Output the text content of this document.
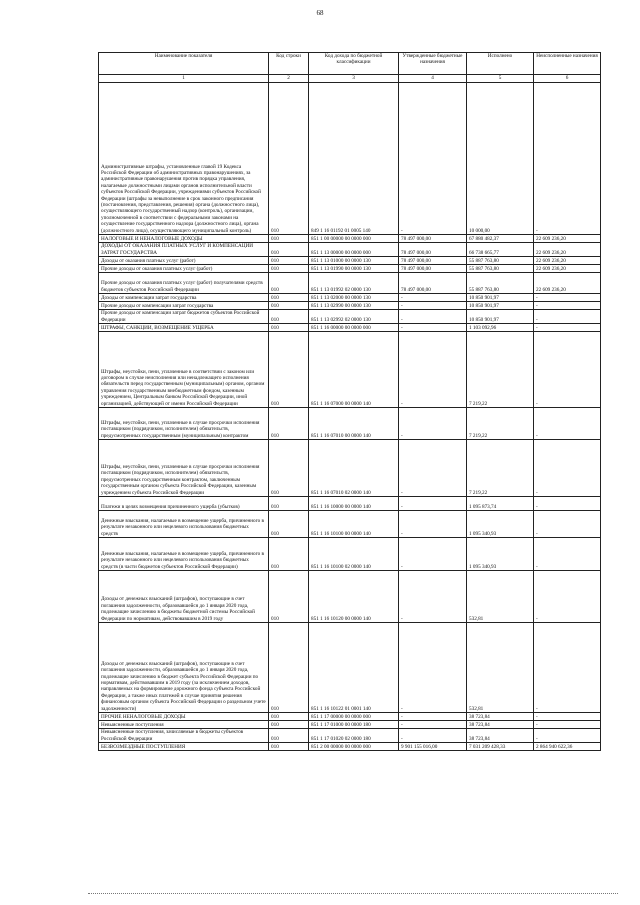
68
Наименование показателя	Код строки	Код дохода по бюджетной классификации	Утвержденные бюджетные назначения	Исполнено	Неисполненные назначения
1	2	3	4	5	6
Административные штрафы, установленные главой 19 Кодекса Российской Федерации об административных правонарушениях, за административные правонарушения против порядка управления, налагаемые должностными лицами органов исполнительной власти субъектов Российской Федерации, учреждениями субъектов Российской Федерации (штрафы за невыполнение в срок законного предписания (постановления, представления, решения) органа (должностного лица), осуществляющего государственный надзор (контроль), организации, уполномоченной в соответствии с федеральными законами на осуществление государственного надзора (должностного лица), органа (должностного лица), осуществляющего муниципальный контроль)	010	849 1 16 01192 01 0005 140	-	10 000,00	-
НАЛОГОВЫЕ И НЕНАЛОГОВЫЕ ДОХОДЫ	010	851 1 00 00000 00 0000 000	78 497 000,00	67 880 482,37	22 609 236,20
ДОХОДЫ ОТ ОКАЗАНИЯ ПЛАТНЫХ УСЛУГ И КОМПЕНСАЦИИ ЗАТРАТ ГОСУДАРСТВА	010	851 1 13 00000 00 0000 000	78 497 000,00	66 738 665,77	22 609 236,20
Доходы от оказания платных услуг (работ)	010	851 1 13 01000 00 0000 130	78 497 000,00	55 887 763,80	22 609 236,20
Прочие доходы от оказания платных услуг (работ)	010	851 1 13 01990 00 0000 130	78 497 000,00	55 887 763,80	22 609 236,20
Прочие доходы от оказания платных услуг (работ) получателями средств бюджетов субъектов Российской Федерации	010	851 1 13 01992 02 0000 130	78 497 000,00	55 887 763,80	22 609 236,20
Доходы от компенсации затрат государства	010	851 1 13 02000 00 0000 130	-	10 850 901,97	-
Прочие доходы от компенсации затрат государства	010	851 1 13 02990 00 0000 130	-	10 850 901,97	-
Прочие доходы от компенсации затрат бюджетов субъектов Российской Федерации	010	851 1 13 02992 02 0000 130	-	10 850 901,97	-
ШТРАФЫ, САНКЦИИ, ВОЗМЕЩЕНИЕ УЩЕРБА	010	851 1 16 00000 00 0000 000	-	1 103 092,96	-
Штрафы, неустойки, пени, уплаченные в соответствии с законом или договором в случае неисполнения или ненадлежащего исполнения обязательств перед государственным (муниципальным) органом, органом управления государственным внебюджетным фондом, казенным учреждением, Центральным банком Российской Федерации, иной организацией, действующей от имени Российской Федерации	010	851 1 16 07000 00 0000 140	-	7 219,22	-
Штрафы, неустойки, пени, уплаченные в случае просрочки исполнения поставщиком (подрядчиком, исполнителем) обязательств, предусмотренных государственным (муниципальным) контрактом	010	851 1 16 07010 00 0000 140	-	7 219,22	-
Штрафы, неустойки, пени, уплаченные в случае просрочки исполнения поставщиком (подрядчиком, исполнителем) обязательств, предусмотренных государственным контрактом, заключенным государственным органом субъекта Российской Федерации, казенным учреждением субъекта Российской Федерации	010	851 1 16 07010 02 0000 140	-	7 219,22	-
Платежи в целях возмещения причиненного ущерба (убытков)	010	851 1 16 10000 00 0000 140	-	1 095 873,74	-
Денежные взыскания, налагаемые в возмещение ущерба, причиненного в результате незаконного или нецелевого использования бюджетных средств	010	851 1 16 10100 00 0000 140	-	1 095 340,93	-
Денежные взыскания, налагаемые в возмещение ущерба, причиненного в результате незаконного или нецелевого использования бюджетных средств (в части бюджетов субъектов Российской Федерации)	010	851 1 16 10100 02 0000 140	-	1 095 340,93	-
Доходы от денежных взысканий (штрафов), поступающие в счет погашения задолженности, образовавшейся до 1 января 2020 года, подлежащие зачислению в бюджеты бюджетной системы Российской Федерации по нормативам, действовавшим в 2019 году	010	851 1 16 10120 00 0000 140	-	532,81	-
Доходы от денежных взысканий (штрафов), поступающие в счет погашения задолженности, образовавшейся до 1 января 2020 года, подлежащие зачислению в бюджет субъекта Российской Федерации по нормативам, действовавшим в 2019 году (за исключением доходов, направляемых на формирование дорожного фонда субъекта Российской Федерации, а также иных платежей в случае принятия решения финансовым органом субъекта Российской Федерации о раздельном учете задолженности)	010	851 1 16 10122 01 0001 140	-	532,81	-
ПРОЧИЕ НЕНАЛОГОВЫЕ ДОХОДЫ	010	851 1 17 00000 00 0000 000	-	38 723,84	-
Невыясненные поступления	010	851 1 17 01000 00 0000 180	-	38 723,84	-
Невыясненные поступления, зачисляемые в бюджеты субъектов Российской Федерации	010	851 1 17 01020 02 0000 180	-	38 723,84	-
БЕЗВОЗМЕЗДНЫЕ ПОСТУПЛЕНИЯ	010	851 2 00 00000 00 0000 000	9 901 155 016,00	7 031 209 428,33	2 864 940 622,36
